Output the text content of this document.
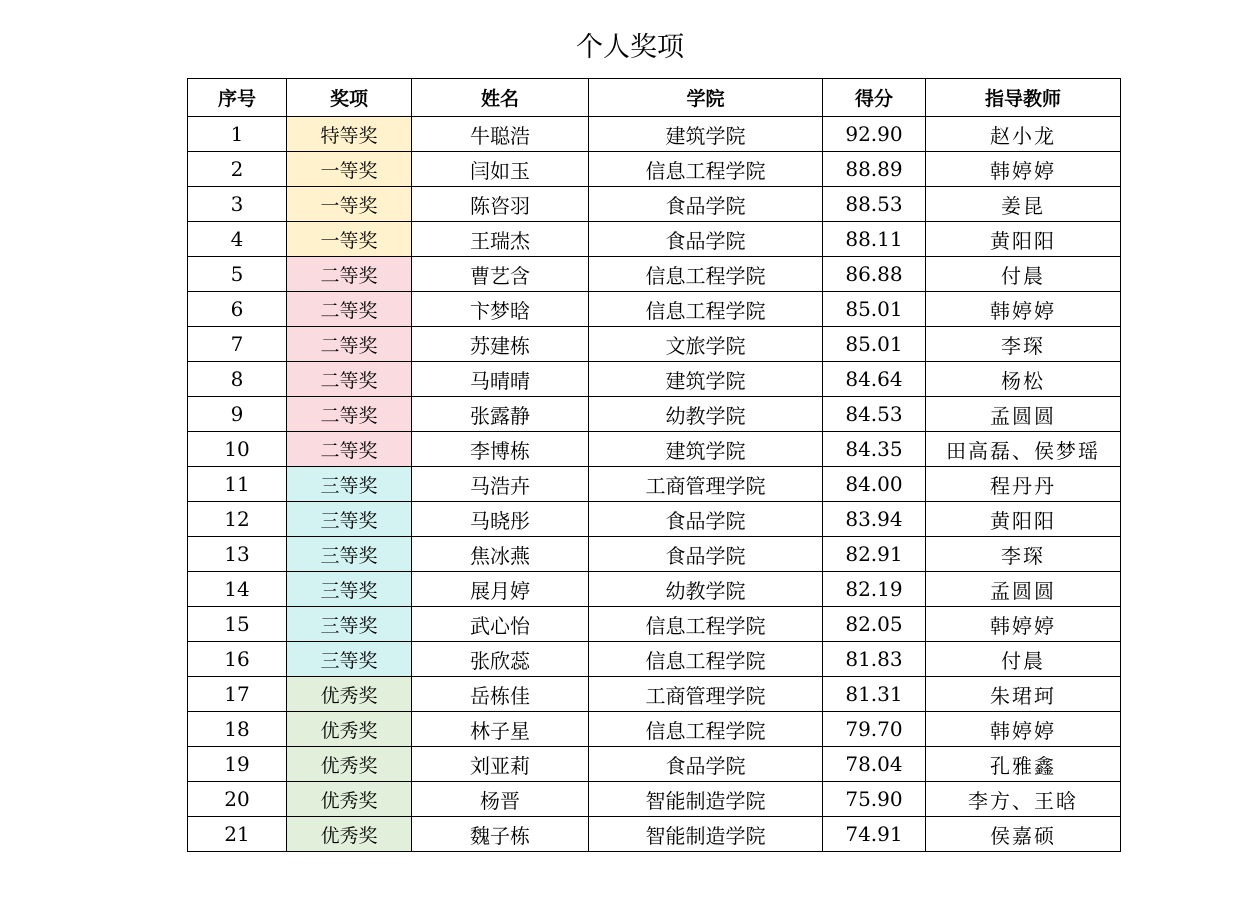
个人奖项
序号	奖项	姓名	学院	得分	指导教师
1	特等奖	牛聪浩	建筑学院	92.90	赵小龙
2	一等奖	闫如玉	信息工程学院	88.89	韩婷婷
3	一等奖	陈咨羽	食品学院	88.53	姜昆
4	一等奖	王瑞杰	食品学院	88.11	黄阳阳
5	二等奖	曹艺含	信息工程学院	86.88	付晨
6	二等奖	卞梦晗	信息工程学院	85.01	韩婷婷
7	二等奖	苏建栋	文旅学院	85.01	李琛
8	二等奖	马晴晴	建筑学院	84.64	杨松
9	二等奖	张露静	幼教学院	84.53	孟圆圆
10	二等奖	李博栋	建筑学院	84.35	田高磊、侯梦瑶
11	三等奖	马浩卉	工商管理学院	84.00	程丹丹
12	三等奖	马晓彤	食品学院	83.94	黄阳阳
13	三等奖	焦冰燕	食品学院	82.91	李琛
14	三等奖	展月婷	幼教学院	82.19	孟圆圆
15	三等奖	武心怡	信息工程学院	82.05	韩婷婷
16	三等奖	张欣蕊	信息工程学院	81.83	付晨
17	优秀奖	岳栋佳	工商管理学院	81.31	朱珺珂
18	优秀奖	林子星	信息工程学院	79.70	韩婷婷
19	优秀奖	刘亚莉	食品学院	78.04	孔雅鑫
20	优秀奖	杨晋	智能制造学院	75.90	李方、王晗
21	优秀奖	魏子栋	智能制造学院	74.91	侯嘉硕
